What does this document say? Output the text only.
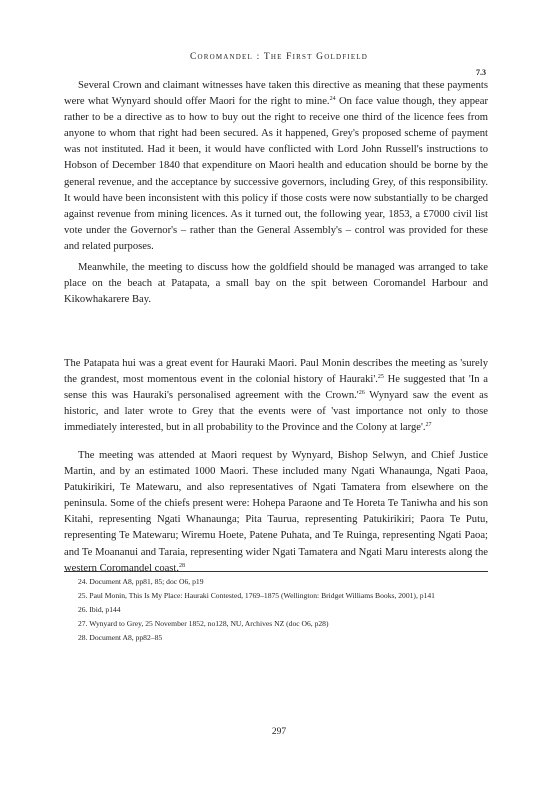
Coromandel : The First Goldfield
7.3

Several Crown and claimant witnesses have taken this directive as meaning that these payments were what Wynyard should offer Maori for the right to mine.$^{24}$ On face value though, they appear rather to be a directive as to how to buy out the right to receive one third of the licence fees from anyone to whom that right had been secured. As it happened, Grey's proposed scheme of payment was not instituted. Had it been, it would have conflicted with Lord John Russell's instructions to Hobson of December 1840 that expenditure on Maori health and education should be borne by the general revenue, and the acceptance by successive governors, including Grey, of this responsibility. It would have been inconsistent with this policy if those costs were now substantially to be charged against revenue from mining licences. As it turned out, the following year, 1853, a £7000 civil list vote under the Governor's – rather than the General Assembly's – control was provided for these and related purposes.

Meanwhile, the meeting to discuss how the goldfield should be managed was arranged to take place on the beach at Patapata, a small bay on the spit between Coromandel Harbour and Kikowhakarere Bay.

The Patapata hui was a great event for Hauraki Maori. Paul Monin describes the meeting as 'surely the grandest, most momentous event in the colonial history of Hauraki'.$^{25}$ He suggested that 'In a sense this was Hauraki's personalised agreement with the $Crown.'^{26}$ Wynyard saw the event as historic, and later wrote to Grey that the events were of 'vast importance not only to those immediately interested, but in all probability to the Province and the Colony at large'.$^{27}$

The meeting was attended at Maori request by Wynyard, Bishop Selwyn, and Chief Justice Martin, and by an estimated 1000 Maori. These included many Ngati Whanaunga, Ngati Paoa, Patukirikiri, Te Matewaru, and also representatives of Ngati Tamatera from elsewhere on the peninsula. Some of the chiefs present were: Hohepa Paraone and Te Horeta Te Taniwha and his son Kitahi, representing Ngati Whanaunga; Pita Taurua, representing Patukirikiri; Paora Te Putu, representing Te Matewaru; Wiremu Hoete, Patene Puhata, and Te Ruinga, representing Ngati Paoa; and Te Moananui and Taraia, representing wider Ngati Tamatera and Ngati Maru interests along the western Coromandel coast.$^{28}$

24. Document A8, pp81, 85; doc O6, p19

25. Paul Monin, This Is My Place: Hauraki Contested, 1769–1875 (Wellington: Bridget Williams Books, 2001), p141

26. Ibid, p144

27. Wynyard to Grey, 25 November 1852, no128, NU, Archives NZ (doc O6, p28)

28. Document A8, pp82–85

297
